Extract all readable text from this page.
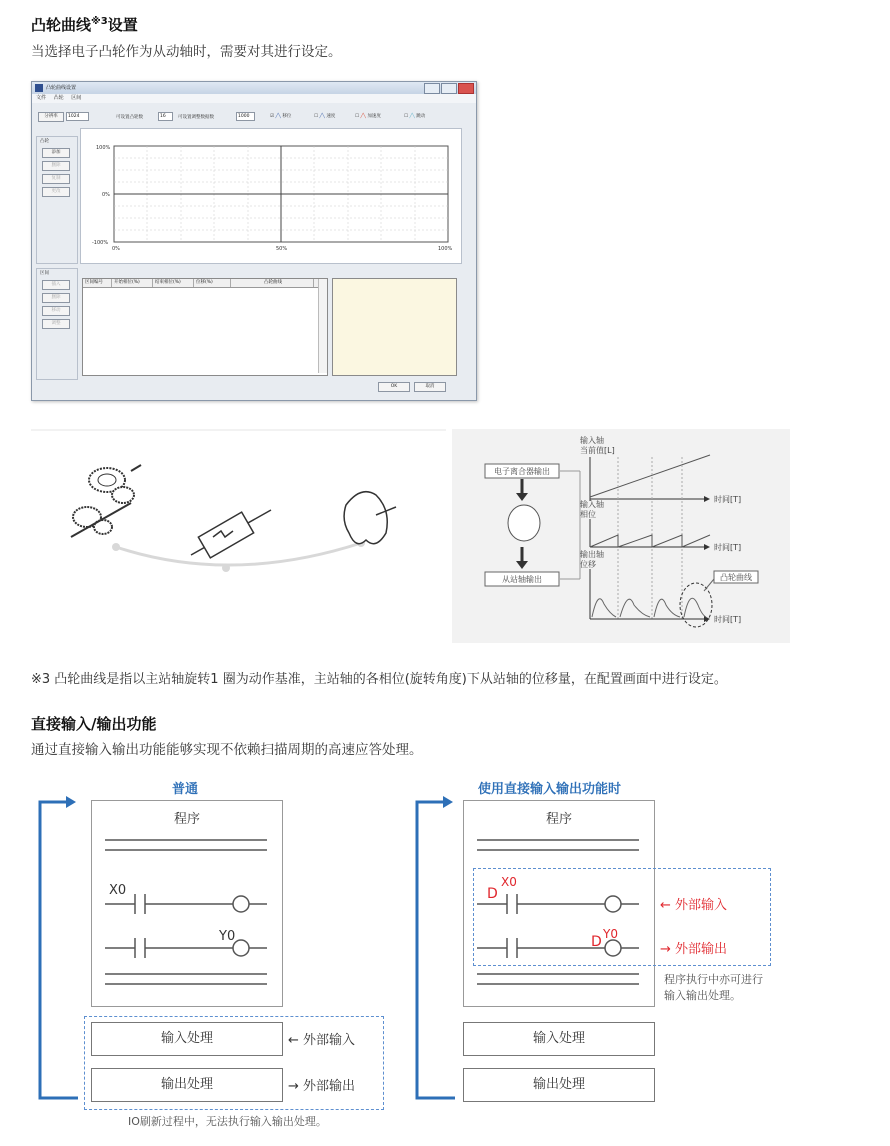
凸轮曲线$^{※3}$设置
当选择电子凸轮作为从动轴时，需要对其进行设定。
凸轮曲线设置
文件 凸轮 区间
分辨率	1024	可设置凸轮数	16	可设置调整数据数	1000	☑ ╱╲ 移位	☐ ╱╲ 速度	☐ ╱╲ 加速度	☐ ╱╲ 跳动
凸轮
添加
删除
复制
更改
100%
0%
-100%
0%	50%	100%
区间
插入
删除
移动
调整
区间编号	开始相位(%)	结束相位(%)	位移(%)	凸轮曲线
OK	取消
电子离合器输出
从站轴输出
输入轴
当前值[L]
时间[T]
输入轴
相位
时间[T]
输出轴
位移
时间[T]
凸轮曲线
※3 凸轮曲线是指以主站轴旋转1 圈为动作基准，主站轴的各相位(旋转角度)下从站轴的位移量，在配置画面中进行设定。
直接输入/输出功能
通过直接输入输出功能能够实现不依赖扫描周期的高速应答处理。
普通
程序
X0
Y0
输入处理
输出处理
← 外部输入
→ 外部输出
IO刷新过程中，无法执行输入输出处理。
使用直接输入输出功能时
程序
D
X0
D Y0
← 外部输入
→ 外部输出
程序执行中亦可进行
输入输出处理。
输入处理
输出处理
